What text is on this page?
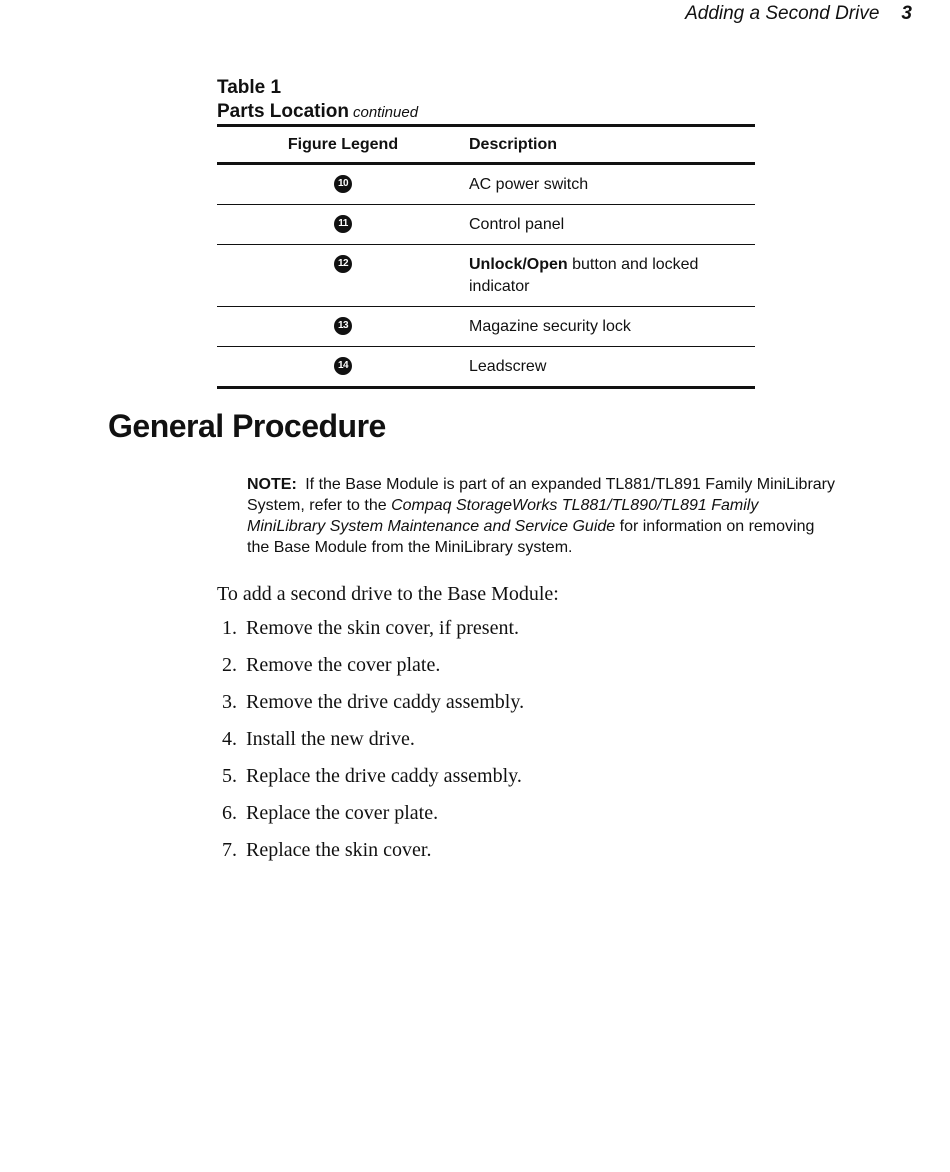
Adding a Second Drive 3
Table 1
Parts Location continued
Figure Legend	Description
10	AC power switch
11	Control panel
12	Unlock/Open button and locked indicator
13	Magazine security lock
14	Leadscrew
General Procedure
NOTE: If the Base Module is part of an expanded TL881/TL891 Family MiniLibrary System, refer to the Compaq StorageWorks TL881/TL890/TL891 Family MiniLibrary System Maintenance and Service Guide for information on removing the Base Module from the MiniLibrary system.
To add a second drive to the Base Module:
1. Remove the skin cover, if present.
2. Remove the cover plate.
3. Remove the drive caddy assembly.
4. Install the new drive.
5. Replace the drive caddy assembly.
6. Replace the cover plate.
7. Replace the skin cover.
